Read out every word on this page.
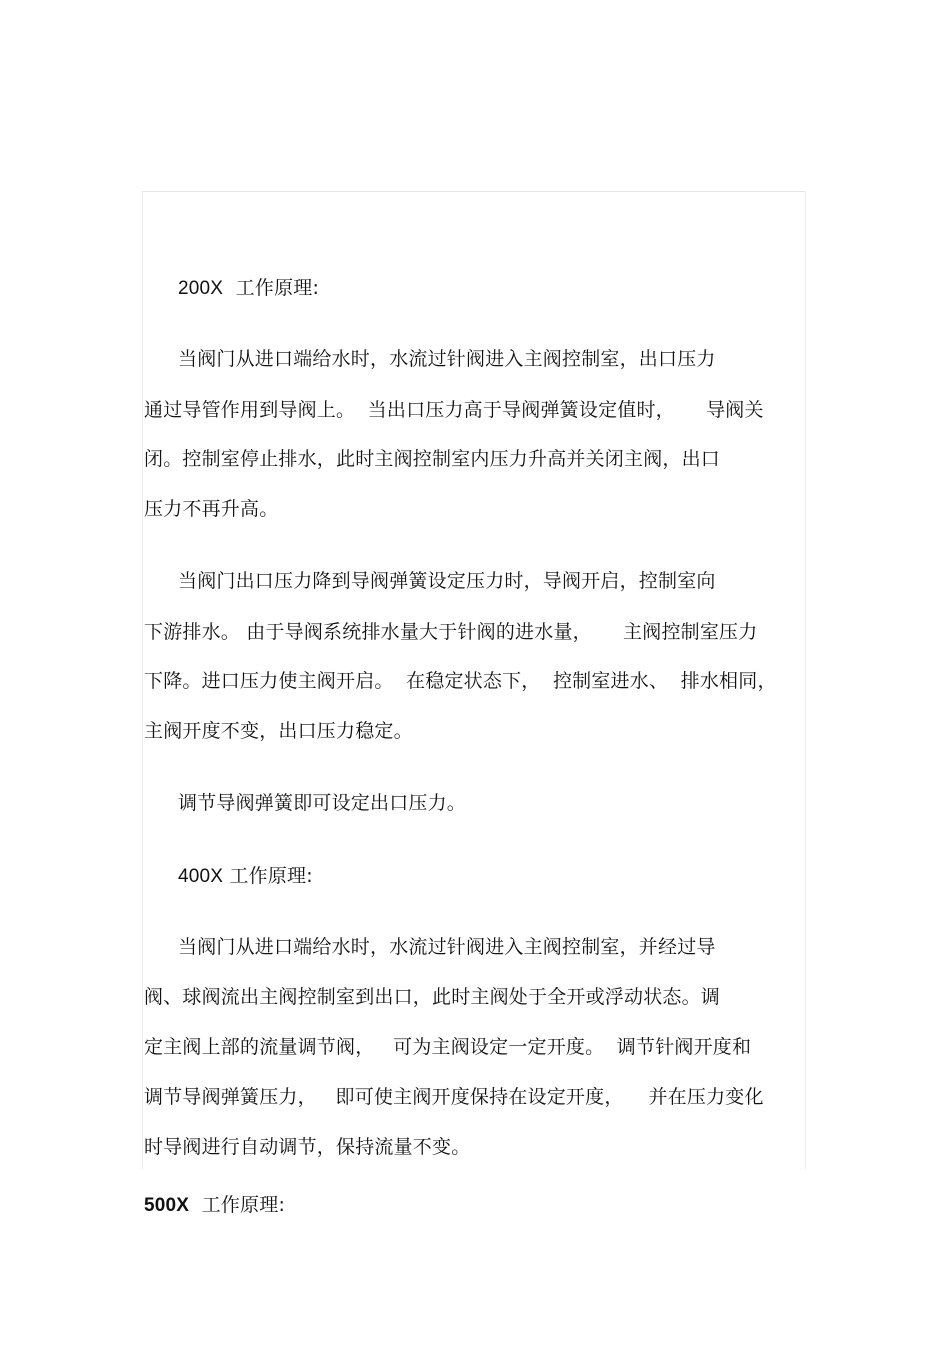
200X  工作原理:
当阀门从进口端给水时，水流过针阀进入主阀控制室，出口压力
通过导管作用到导阀上。  当出口压力高于导阀弹簧设定值时，     导阀关
闭。控制室停止排水，此时主阀控制室内压力升高并关闭主阀，出口
压力不再升高。
当阀门出口压力降到导阀弹簧设定压力时，导阀开启，控制室向
下游排水。 由于导阀系统排水量大于针阀的进水量，     主阀控制室压力
下降。进口压力使主阀开启。  在稳定状态下，  控制室进水、  排水相同，
主阀开度不变，出口压力稳定。
调节导阀弹簧即可设定出口压力。
400X 工作原理:
当阀门从进口端给水时，水流过针阀进入主阀控制室，并经过导
阀、球阀流出主阀控制室到出口，此时主阀处于全开或浮动状态。调
定主阀上部的流量调节阀，   可为主阀设定一定开度。  调节针阀开度和
调节导阀弹簧压力，   即可使主阀开度保持在设定开度，    并在压力变化
时导阀进行自动调节，保持流量不变。
500X  工作原理:
